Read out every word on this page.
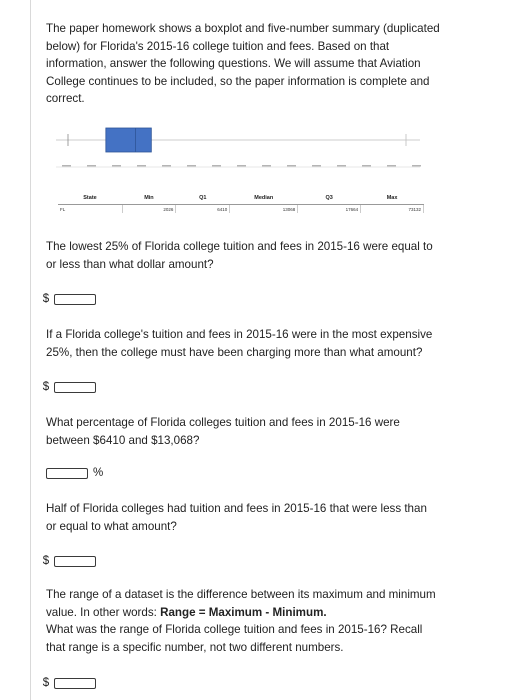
The paper homework shows a boxplot and five-number summary (duplicated
below) for Florida's 2015-16 college tuition and fees. Based on that
information, answer the following questions. We will assume that Aviation
College continues to be included, so the paper information is complete and
correct.

State	Min	Q1	Median	Q3	Max
FL	2026	6410	13068	17664	73132

The lowest 25% of Florida college tuition and fees in 2015-16 were equal to
or less than what dollar amount?

$

If a Florida college's tuition and fees in 2015-16 were in the most expensive
25%, then the college must have been charging more than what amount?

$

What percentage of Florida colleges tuition and fees in 2015-16 were
between $6410 and $13,068?

%

Half of Florida colleges had tuition and fees in 2015-16 that were less than
or equal to what amount?

$

The range of a dataset is the difference between its maximum and minimum
value. In other words: Range = Maximum - Minimum.
What was the range of Florida college tuition and fees in 2015-16? Recall
that range is a specific number, not two different numbers.

$
